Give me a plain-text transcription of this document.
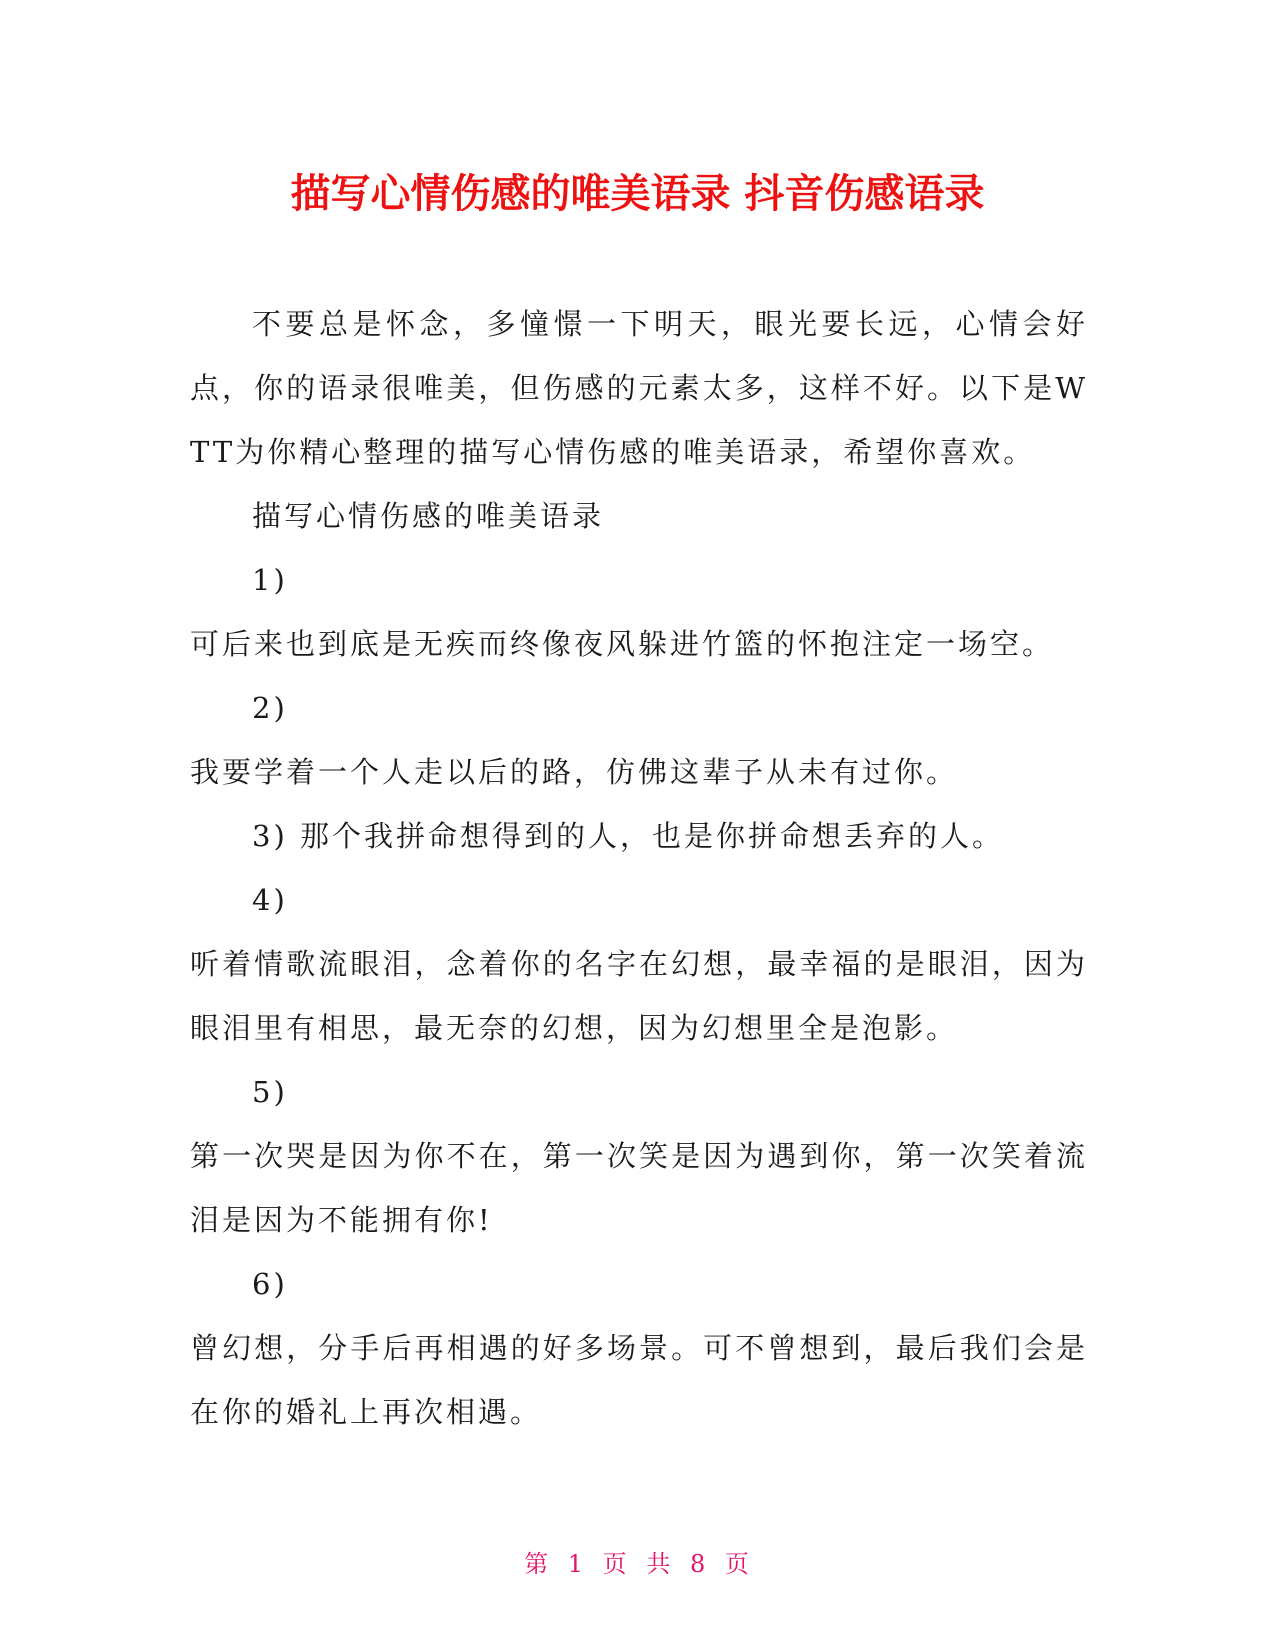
描写心情伤感的唯美语录 抖音伤感语录

不要总是怀念，多憧憬一下明天，眼光要长远，心情会好点，你的语录很唯美，但伤感的元素太多，这样不好。以下是WTT为你精心整理的描写心情伤感的唯美语录，希望你喜欢。

描写心情伤感的唯美语录

1)

可后来也到底是无疾而终像夜风躲进竹篮的怀抱注定一场空。

2)

我要学着一个人走以后的路，仿佛这辈子从未有过你。

3) 那个我拼命想得到的人，也是你拼命想丢弃的人。

4)

听着情歌流眼泪，念着你的名字在幻想，最幸福的是眼泪，因为眼泪里有相思，最无奈的幻想，因为幻想里全是泡影。

5)

第一次哭是因为你不在，第一次笑是因为遇到你，第一次笑着流泪是因为不能拥有你!

6)

曾幻想，分手后再相遇的好多场景。可不曾想到，最后我们会是在你的婚礼上再次相遇。

第 1 页 共 8 页
